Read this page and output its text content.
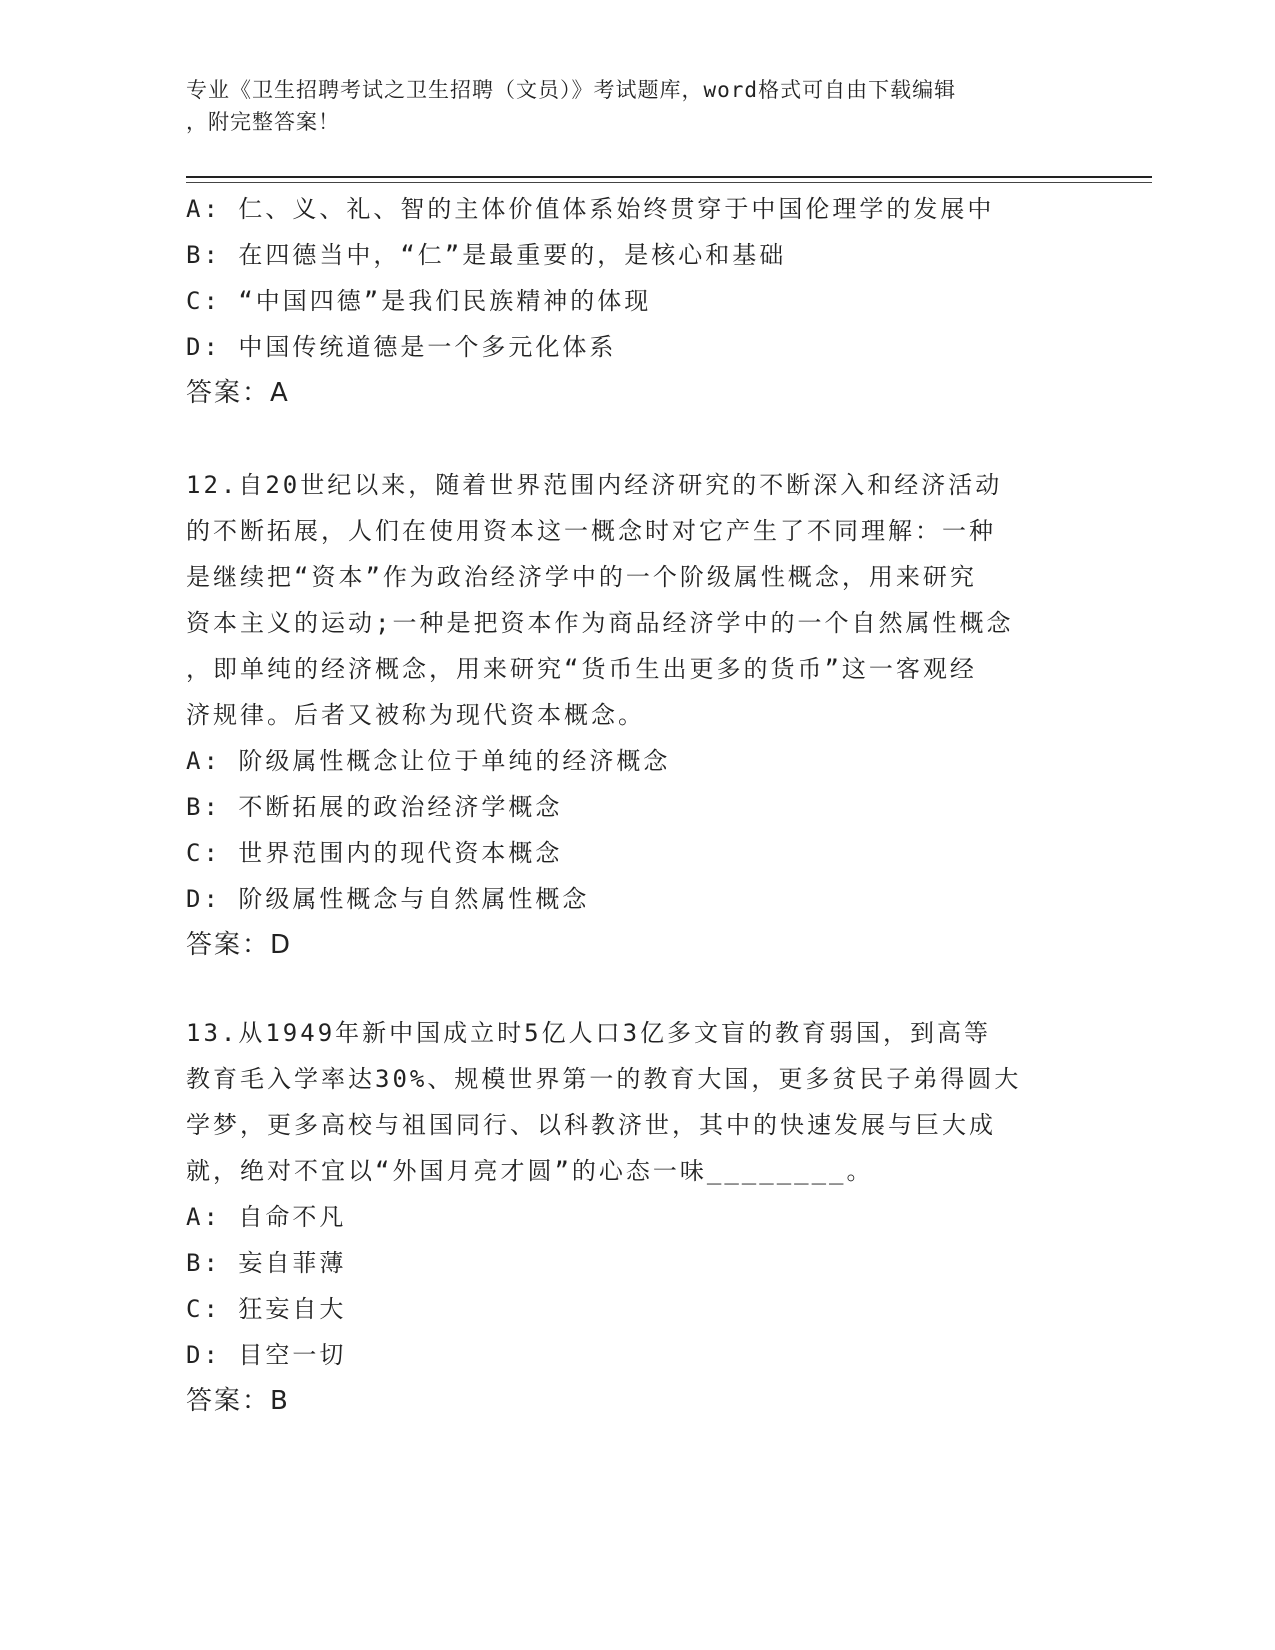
专业《卫生招聘考试之卫生招聘（文员）》考试题库，word格式可自由下载编辑
，附完整答案！
A: 仁、义、礼、智的主体价值体系始终贯穿于中国伦理学的发展中
B: 在四德当中，“仁”是最重要的，是核心和基础
C: “中国四德”是我们民族精神的体现
D: 中国传统道德是一个多元化体系
答案：A
12.自20世纪以来，随着世界范围内经济研究的不断深入和经济活动
的不断拓展，人们在使用资本这一概念时对它产生了不同理解：一种
是继续把“资本”作为政治经济学中的一个阶级属性概念，用来研究
资本主义的运动;一种是把资本作为商品经济学中的一个自然属性概念
，即单纯的经济概念，用来研究“货币生出更多的货币”这一客观经
济规律。后者又被称为现代资本概念。
A: 阶级属性概念让位于单纯的经济概念
B: 不断拓展的政治经济学概念
C: 世界范围内的现代资本概念
D: 阶级属性概念与自然属性概念
答案：D
13.从1949年新中国成立时5亿人口3亿多文盲的教育弱国，到高等
教育毛入学率达30%、规模世界第一的教育大国，更多贫民子弟得圆大
学梦，更多高校与祖国同行、以科教济世，其中的快速发展与巨大成
就，绝对不宜以“外国月亮才圆”的心态一味________。
A: 自命不凡
B: 妄自菲薄
C: 狂妄自大
D: 目空一切
答案：B
